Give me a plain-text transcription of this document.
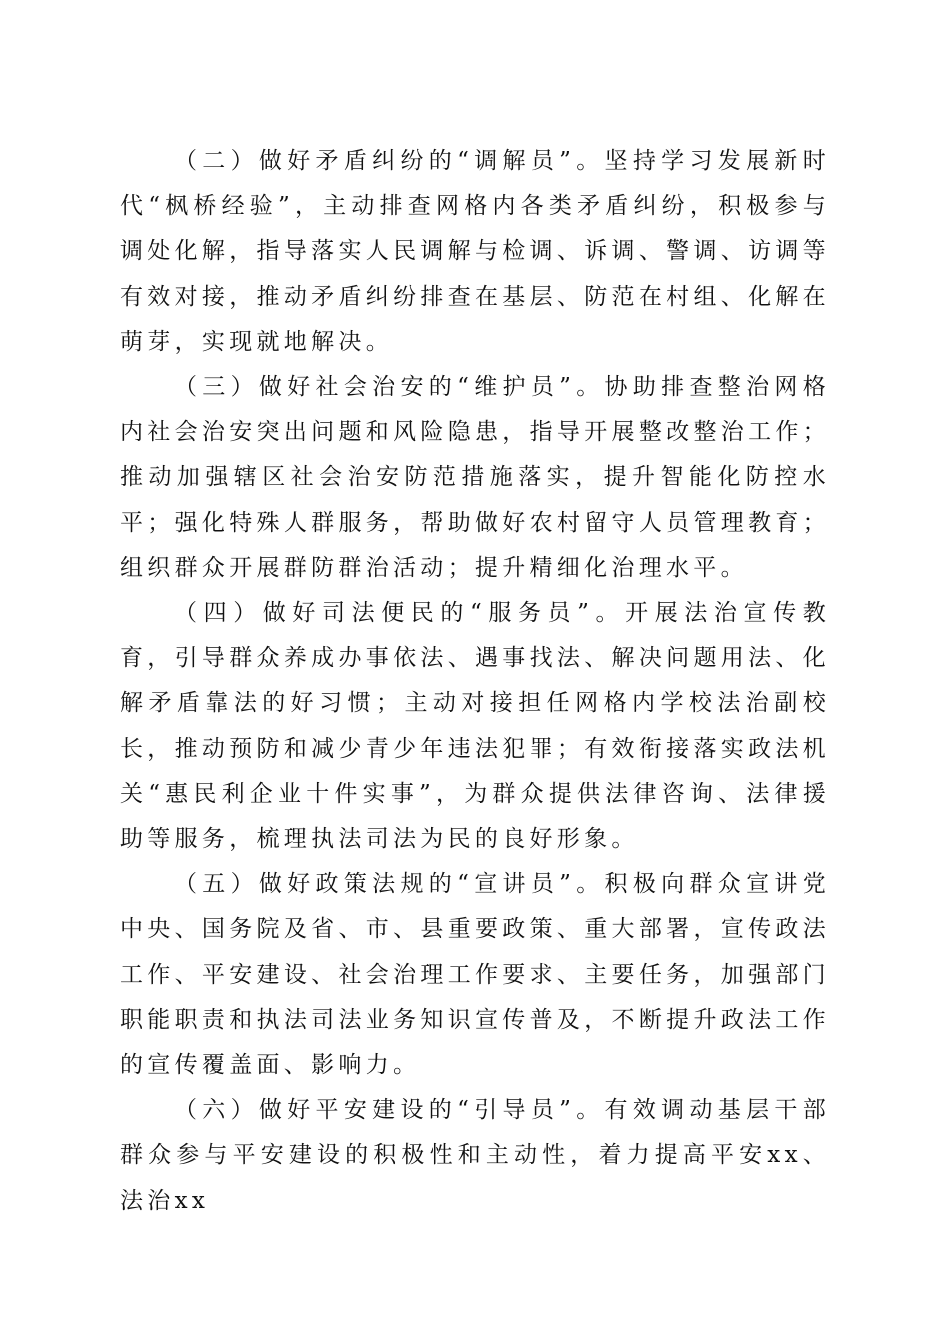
（二）做好矛盾纠纷的“调解员”。坚持学习发展新时代“枫桥经验”，主动排查网格内各类矛盾纠纷，积极参与调处化解，指导落实人民调解与检调、诉调、警调、访调等有效对接，推动矛盾纠纷排查在基层、防范在村组、化解在萌芽，实现就地解决。

（三）做好社会治安的“维护员”。协助排查整治网格内社会治安突出问题和风险隐患，指导开展整改整治工作；推动加强辖区社会治安防范措施落实，提升智能化防控水平；强化特殊人群服务，帮助做好农村留守人员管理教育；组织群众开展群防群治活动；提升精细化治理水平。

（四）做好司法便民的“服务员”。开展法治宣传教育，引导群众养成办事依法、遇事找法、解决问题用法、化解矛盾靠法的好习惯；主动对接担任网格内学校法治副校长，推动预防和减少青少年违法犯罪；有效衔接落实政法机关“惠民利企业十件实事”，为群众提供法律咨询、法律援助等服务，梳理执法司法为民的良好形象。

（五）做好政策法规的“宣讲员”。积极向群众宣讲党中央、国务院及省、市、县重要政策、重大部署，宣传政法工作、平安建设、社会治理工作要求、主要任务，加强部门职能职责和执法司法业务知识宣传普及，不断提升政法工作的宣传覆盖面、影响力。

（六）做好平安建设的“引导员”。有效调动基层干部群众参与平安建设的积极性和主动性，着力提高平安xx、法治xx
